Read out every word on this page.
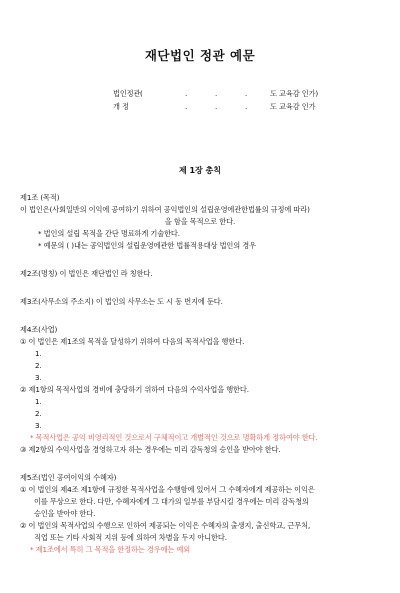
재단법인 정관 예문
법인정관 (	.	.	.	도 교육감 인가)
개 정	.	.	.	도 교육감 인가
제 1장 총칙
제1조 (목적)
이 법인은(사회일반의 이익에 공여하기 위하여 공익법인의 설립운영에관한법률의 규정에 따라)
을 함을 목적으로 한다.
* 법인의 설립 목적을 간단 명료하게 기술한다.
* 예문의 ( )내는 공익법인의 설립운영에관한 법률적용대상 법인의 경우
제2조(명칭) 이 법인은 재단법인 라 칭한다.
제3조(사무소의 주소지) 이 법인의 사무소는 도 시 동 번지에 둔다.
제4조(사업)
① 이 법인은 제1조의 목적을 달성하기 위하여 다음의 목적사업을 행한다.
1.
2.
3.
② 제1항의 목적사업의 경비에 충당하기 위하여 다음의 수익사업을 행한다.
1.
2.
3.
* 목적사업은 공익 비영리적인 것으로서 구체적이고 개별적인 것으로 명확하게 정하여야 한다.
③ 제2항의 수익사업을 경영하고자 하는 경우에는 미리 감독청의 승인을 받아야 한다.
제5조(법인 공여이익의 수혜자)
① 이 법인의 제4조 제1항에 규정한 목적사업을 수행함에 있어서 그 수혜자에게 제공하는 이익은
이를 무상으로 한다. 다만, 수혜자에게 그 대가의 일부를 부담시킬 경우에는 미리 감독청의
승인을 받아야 한다.
② 이 법인의 목적사업의 수행으로 인하여 제공되는 이익은 수혜자의 출생지, 출신학교, 근무처,
직업 또는 기타 사회적 지위 등에 의하여 차별을 두지 아니한다.
* 제1조에서 특히 그 목적을 한정하는 경우에는 예외
